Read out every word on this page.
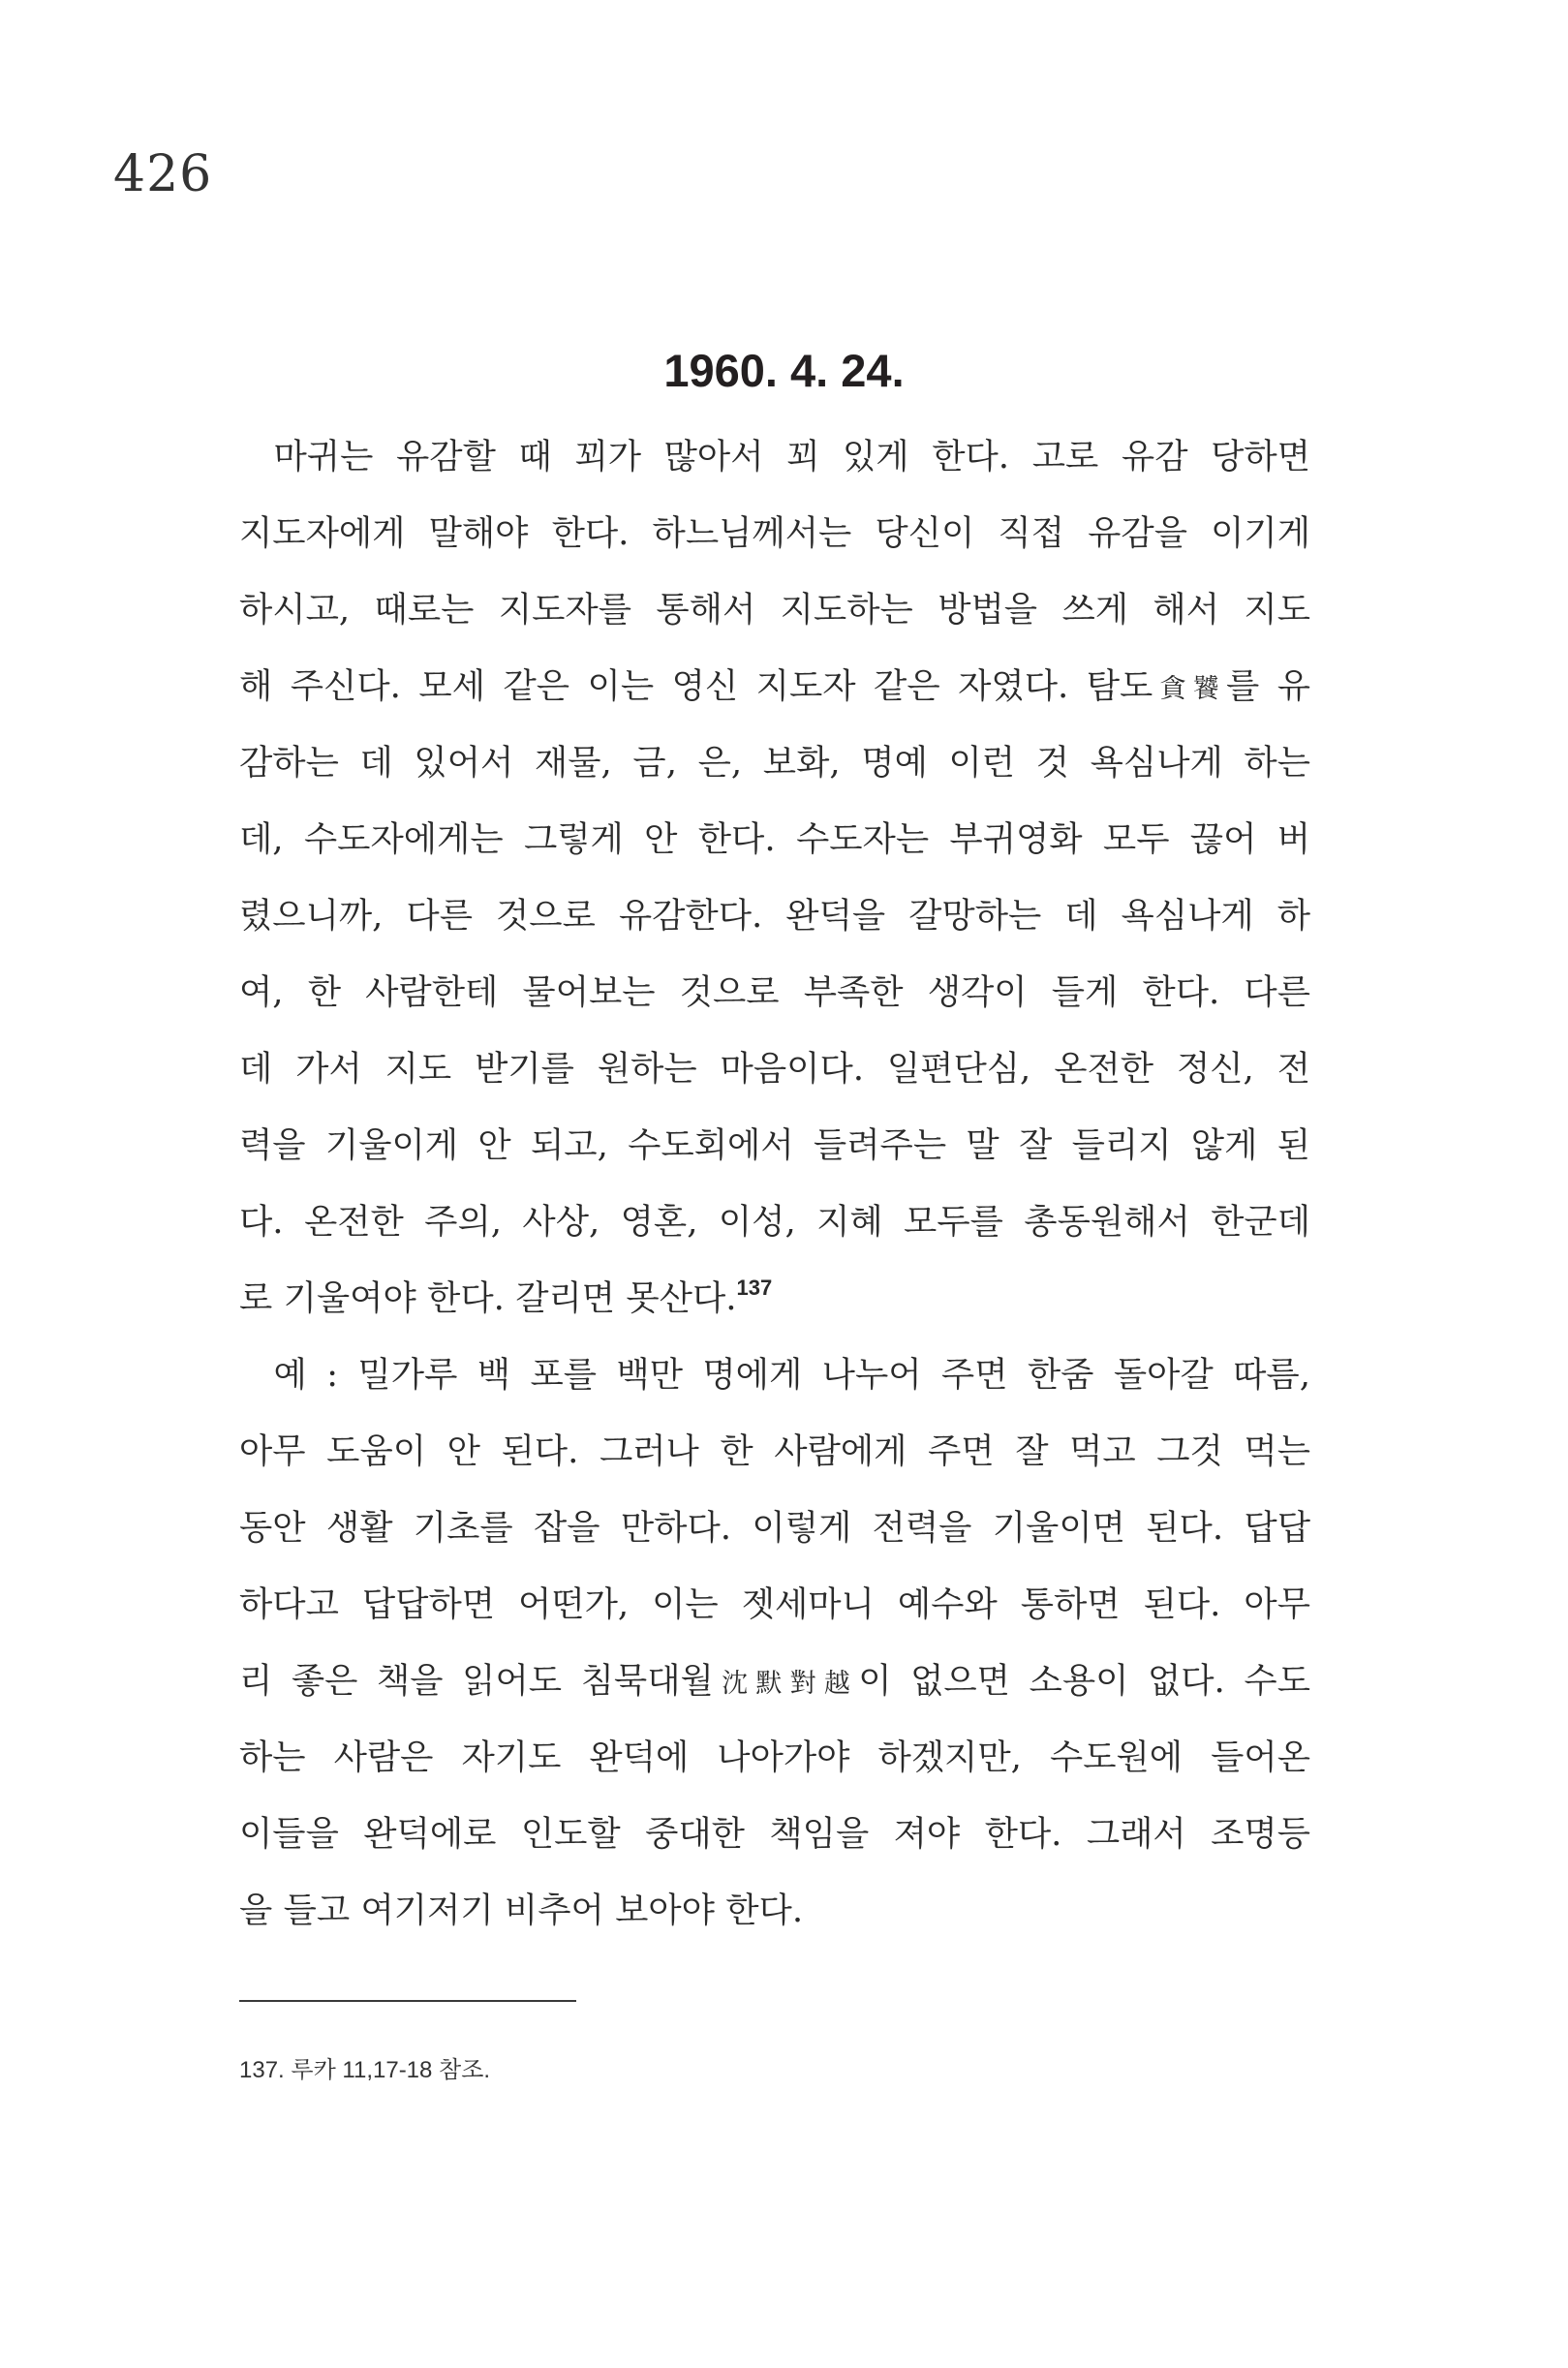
426
1960. 4. 24.
 마귀는 유감할 때 꾀가 많아서 꾀 있게 한다. 고로 유감 당하면
지도자에게 말해야 한다. 하느님께서는 당신이 직접 유감을 이기게
하시고, 때로는 지도자를 통해서 지도하는 방법을 쓰게 해서 지도
해 주신다. 모세 같은 이는 영신 지도자 같은 자였다. 탐도貪饕를 유
감하는 데 있어서 재물, 금, 은, 보화, 명예 이런 것 욕심나게 하는
데, 수도자에게는 그렇게 안 한다. 수도자는 부귀영화 모두 끊어 버
렸으니까, 다른 것으로 유감한다. 완덕을 갈망하는 데 욕심나게 하
여, 한 사람한테 물어보는 것으로 부족한 생각이 들게 한다. 다른
데 가서 지도 받기를 원하는 마음이다. 일편단심, 온전한 정신, 전
력을 기울이게 안 되고, 수도회에서 들려주는 말 잘 들리지 않게 된
다. 온전한 주의, 사상, 영혼, 이성, 지혜 모두를 총동원해서 한군데
로 기울여야 한다. 갈리면 못산다.$^{137}$
 예 : 밀가루 백 포를 백만 명에게 나누어 주면 한줌 돌아갈 따름,
아무 도움이 안 된다. 그러나 한 사람에게 주면 잘 먹고 그것 먹는
동안 생활 기초를 잡을 만하다. 이렇게 전력을 기울이면 된다. 답답
하다고 답답하면 어떤가, 이는 젯세마니 예수와 통하면 된다. 아무
리 좋은 책을 읽어도 침묵대월沈默對越이 없으면 소용이 없다. 수도
하는 사람은 자기도 완덕에 나아가야 하겠지만, 수도원에 들어온
이들을 완덕에로 인도할 중대한 책임을 져야 한다. 그래서 조명등
을 들고 여기저기 비추어 보아야 한다.
137. 루카 11,17-18 참조.
